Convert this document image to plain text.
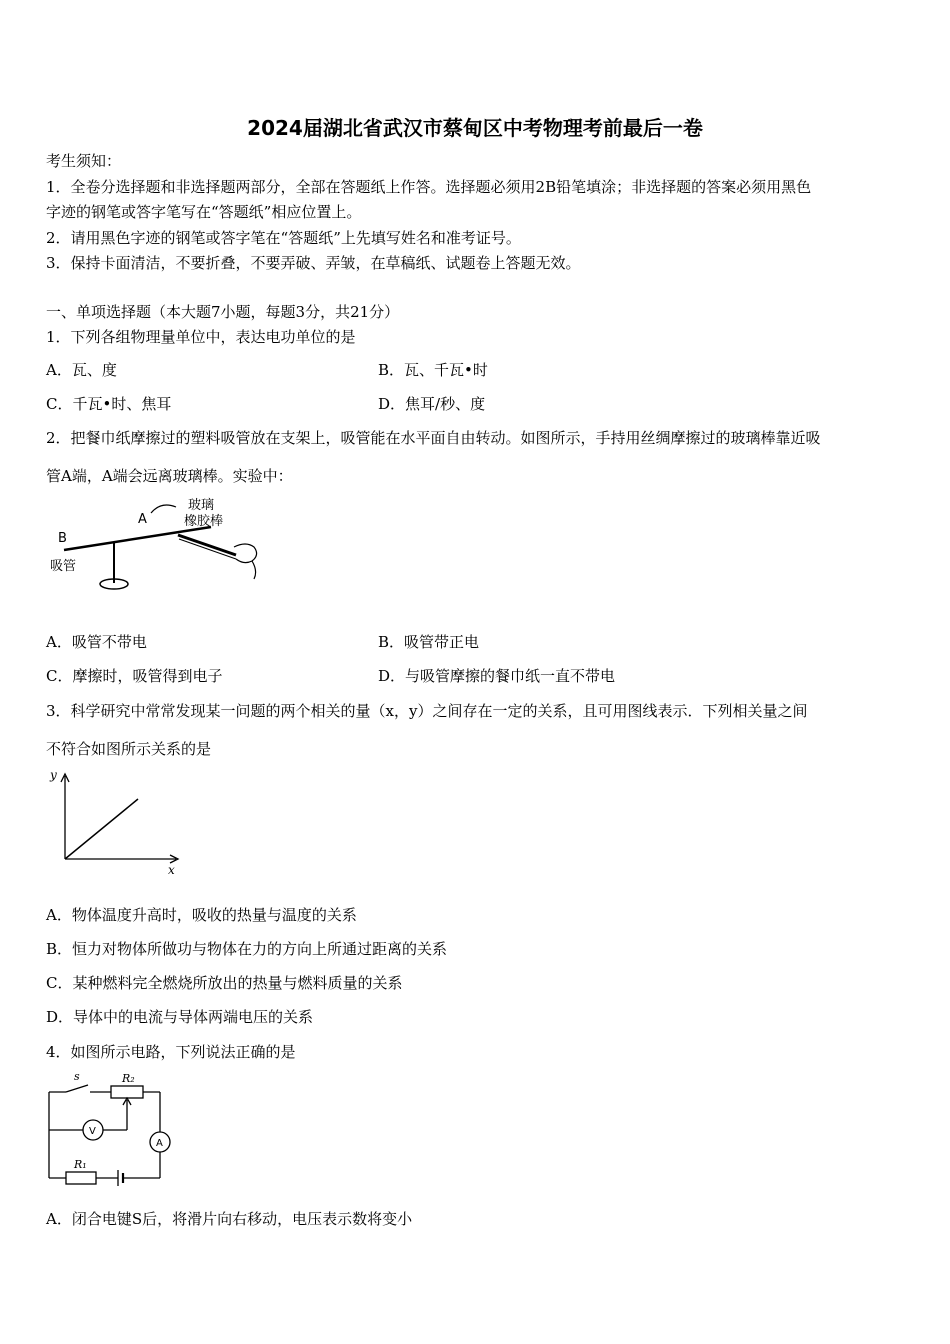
2024届湖北省武汉市蔡甸区中考物理考前最后一卷
考生须知：
1．全卷分选择题和非选择题两部分，全部在答题纸上作答。选择题必须用2B铅笔填涂；非选择题的答案必须用黑色
字迹的钢笔或答字笔写在“答题纸”相应位置上。
2．请用黑色字迹的钢笔或答字笔在“答题纸”上先填写姓名和准考证号。
3．保持卡面清洁，不要折叠，不要弄破、弄皱，在草稿纸、试题卷上答题无效。
一、单项选择题（本大题7小题，每题3分，共21分）
1．下列各组物理量单位中，表达电功单位的是
A．瓦、度	B．瓦、千瓦•时
C．千瓦•时、焦耳	D．焦耳/秒、度
2．把餐巾纸摩擦过的塑料吸管放在支架上，吸管能在水平面自由转动。如图所示，手持用丝绸摩擦过的玻璃棒靠近吸
管A端，A端会远离玻璃棒。实验中：
B
A
吸管
玻璃
橡胶棒
A．吸管不带电	B．吸管带正电
C．摩擦时，吸管得到电子	D．与吸管摩擦的餐巾纸一直不带电
3．科学研究中常常发现某一问题的两个相关的量（x，y）之间存在一定的关系，且可用图线表示．下列相关量之间
不符合如图所示关系的是
y
x
A．物体温度升高时，吸收的热量与温度的关系
B．恒力对物体所做功与物体在力的方向上所通过距离的关系
C．某种燃料完全燃烧所放出的热量与燃料质量的关系
D．导体中的电流与导体两端电压的关系
4．如图所示电路，下列说法正确的是
V
A
s	R₂
R₁
A．闭合电键S后，将滑片向右移动，电压表示数将变小
